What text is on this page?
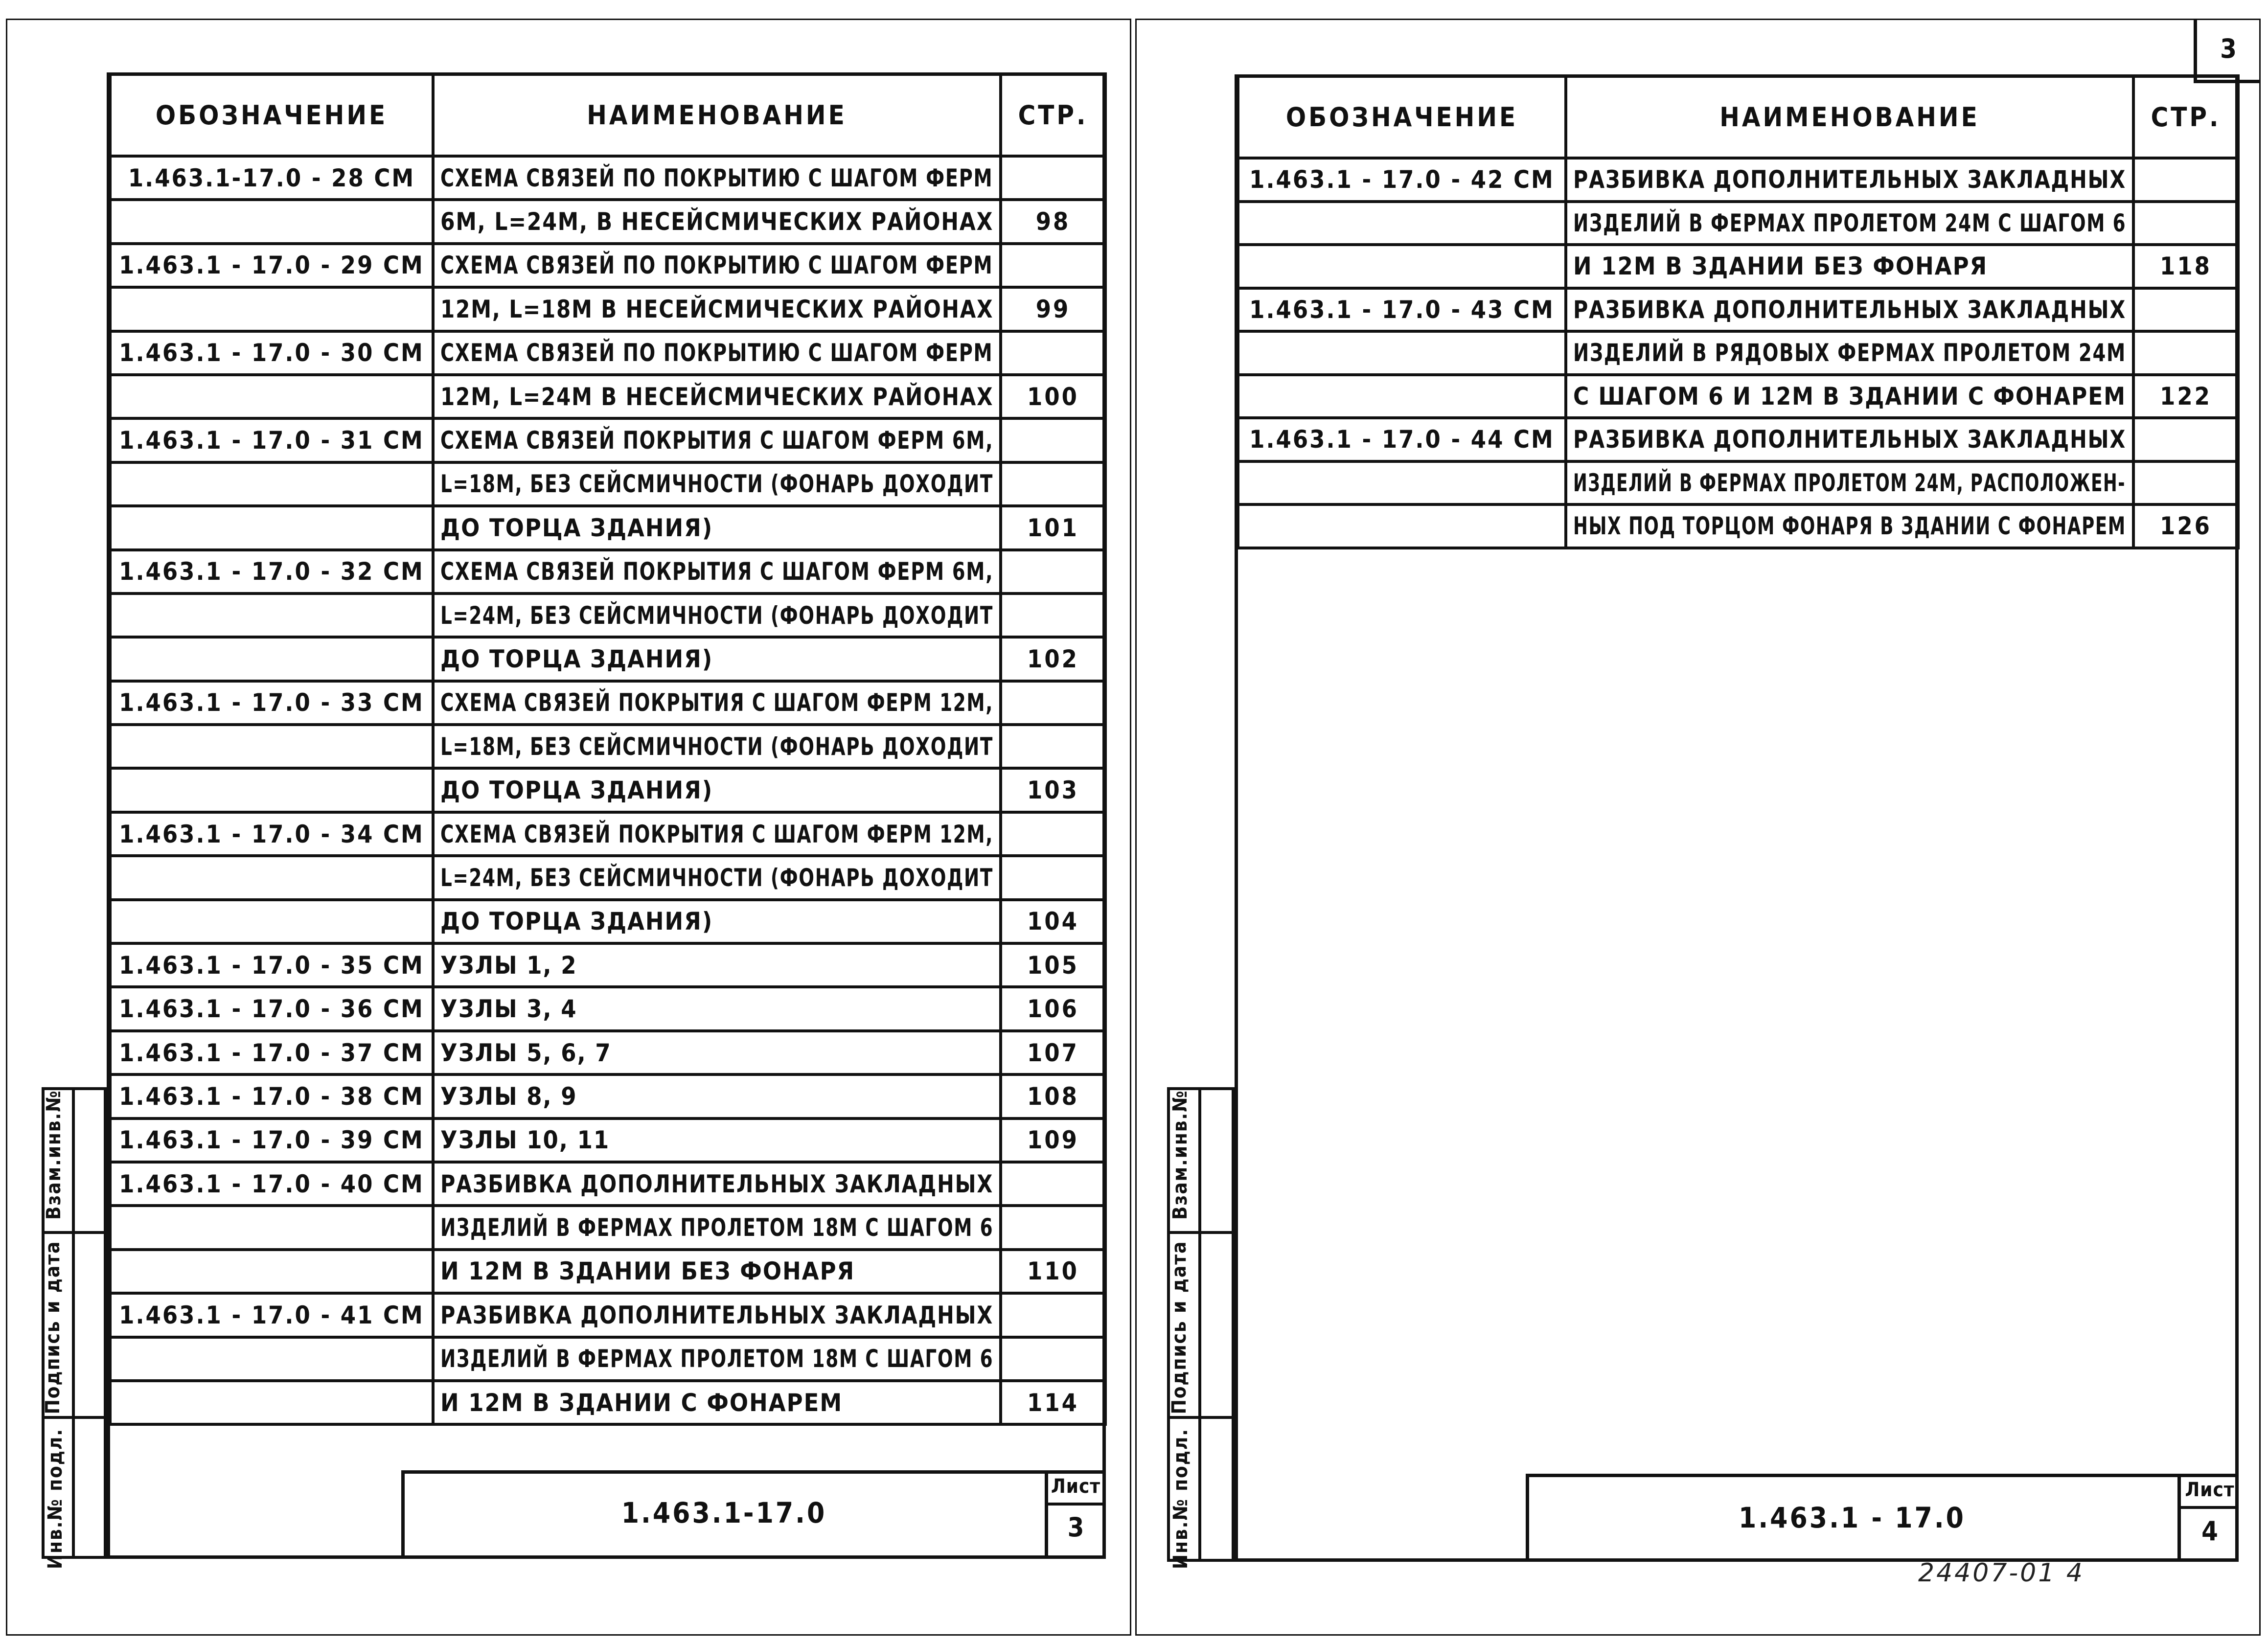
ОБОЗНАЧЕНИЕ	НАИМЕНОВАНИЕ	СТР.
1.463.1-17.0 - 28 СМ	СХЕМА СВЯЗЕЙ ПО ПОКРЫТИЮ С ШАГОМ ФЕРМ	
	6М, L=24М, В НЕСЕЙСМИЧЕСКИХ РАЙОНАХ	98
1.463.1 - 17.0 - 29 СМ	СХЕМА СВЯЗЕЙ ПО ПОКРЫТИЮ С ШАГОМ ФЕРМ	
	12М, L=18М В НЕСЕЙСМИЧЕСКИХ РАЙОНАХ	99
1.463.1 - 17.0 - 30 СМ	СХЕМА СВЯЗЕЙ ПО ПОКРЫТИЮ С ШАГОМ ФЕРМ	
	12М, L=24М В НЕСЕЙСМИЧЕСКИХ РАЙОНАХ	100
1.463.1 - 17.0 - 31 СМ	СХЕМА СВЯЗЕЙ ПОКРЫТИЯ С ШАГОМ ФЕРМ 6М,	
	L=18М, БЕЗ СЕЙСМИЧНОСТИ (ФОНАРЬ ДОХОДИТ	
	ДО ТОРЦА ЗДАНИЯ)	101
1.463.1 - 17.0 - 32 СМ	СХЕМА СВЯЗЕЙ ПОКРЫТИЯ С ШАГОМ ФЕРМ 6М,	
	L=24М, БЕЗ СЕЙСМИЧНОСТИ (ФОНАРЬ ДОХОДИТ	
	ДО ТОРЦА ЗДАНИЯ)	102
1.463.1 - 17.0 - 33 СМ	СХЕМА СВЯЗЕЙ ПОКРЫТИЯ С ШАГОМ ФЕРМ 12М,	
	L=18М, БЕЗ СЕЙСМИЧНОСТИ (ФОНАРЬ ДОХОДИТ	
	ДО ТОРЦА ЗДАНИЯ)	103
1.463.1 - 17.0 - 34 СМ	СХЕМА СВЯЗЕЙ ПОКРЫТИЯ С ШАГОМ ФЕРМ 12М,	
	L=24М, БЕЗ СЕЙСМИЧНОСТИ (ФОНАРЬ ДОХОДИТ	
	ДО ТОРЦА ЗДАНИЯ)	104
1.463.1 - 17.0 - 35 СМ	УЗЛЫ 1, 2	105
1.463.1 - 17.0 - 36 СМ	УЗЛЫ 3, 4	106
1.463.1 - 17.0 - 37 СМ	УЗЛЫ 5, 6, 7	107
1.463.1 - 17.0 - 38 СМ	УЗЛЫ 8, 9	108
1.463.1 - 17.0 - 39 СМ	УЗЛЫ 10, 11	109
1.463.1 - 17.0 - 40 СМ	РАЗБИВКА ДОПОЛНИТЕЛЬНЫХ ЗАКЛАДНЫХ	
	ИЗДЕЛИЙ В ФЕРМАХ ПРОЛЕТОМ 18М С ШАГОМ 6	
	И 12М В ЗДАНИИ БЕЗ ФОНАРЯ	110
1.463.1 - 17.0 - 41 СМ	РАЗБИВКА ДОПОЛНИТЕЛЬНЫХ ЗАКЛАДНЫХ	
	ИЗДЕЛИЙ В ФЕРМАХ ПРОЛЕТОМ 18М С ШАГОМ 6	
	И 12М В ЗДАНИИ С ФОНАРЕМ	114
1.463.1-17.0
Лист
3
Взам.инв.№
Подпись и дата
Инв.№ подл.
3
ОБОЗНАЧЕНИЕ	НАИМЕНОВАНИЕ	СТР.
1.463.1 - 17.0 - 42 СМ	РАЗБИВКА ДОПОЛНИТЕЛЬНЫХ ЗАКЛАДНЫХ	
	ИЗДЕЛИЙ В ФЕРМАХ ПРОЛЕТОМ 24М С ШАГОМ 6	
	И 12М В ЗДАНИИ БЕЗ ФОНАРЯ	118
1.463.1 - 17.0 - 43 СМ	РАЗБИВКА ДОПОЛНИТЕЛЬНЫХ ЗАКЛАДНЫХ	
	ИЗДЕЛИЙ В РЯДОВЫХ ФЕРМАХ ПРОЛЕТОМ 24М	
	С ШАГОМ 6 И 12М В ЗДАНИИ С ФОНАРЕМ	122
1.463.1 - 17.0 - 44 СМ	РАЗБИВКА ДОПОЛНИТЕЛЬНЫХ ЗАКЛАДНЫХ	
	ИЗДЕЛИЙ В ФЕРМАХ ПРОЛЕТОМ 24М, РАСПОЛОЖЕН-	
	НЫХ ПОД ТОРЦОМ ФОНАРЯ В ЗДАНИИ С ФОНАРЕМ	126
1.463.1 - 17.0
Лист
4
Взам.инв.№
Подпись и дата
Инв.№ подл.
24407-01 4
